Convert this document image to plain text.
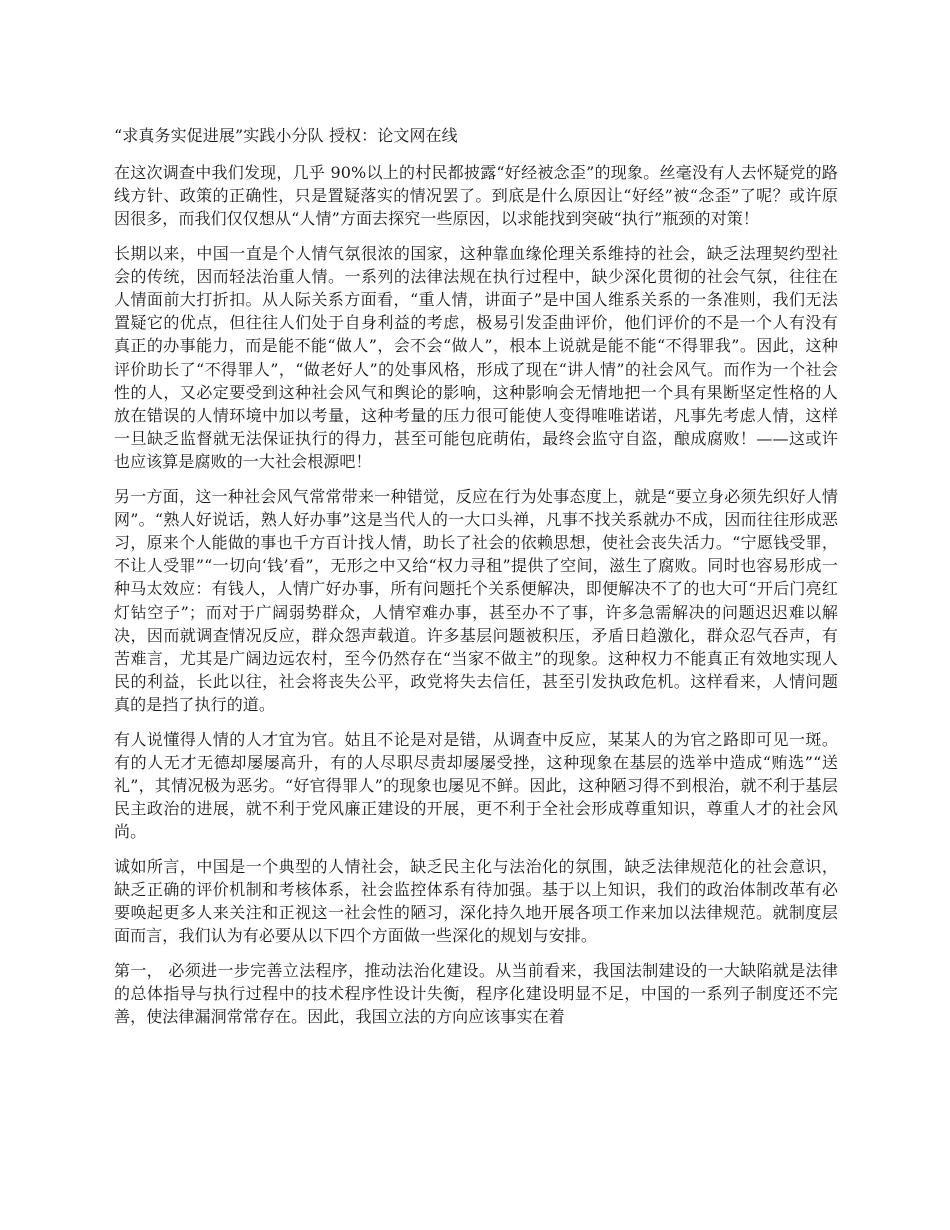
“求真务实促进展”实践小分队 授权：论文网在线

在这次调查中我们发现，几乎 90%以上的村民都披露“好经被念歪”的现象。丝毫没有人去怀疑党的路线方针、政策的正确性，只是置疑落实的情况罢了。到底是什么原因让“好经”被“念歪”了呢？或许原因很多，而我们仅仅想从“人情”方面去探究一些原因，以求能找到突破“执行”瓶颈的对策！

长期以来，中国一直是个人情气氛很浓的国家，这种靠血缘伦理关系维持的社会，缺乏法理契约型社会的传统，因而轻法治重人情。一系列的法律法规在执行过程中，缺少深化贯彻的社会气氛，往往在人情面前大打折扣。从人际关系方面看，“重人情，讲面子”是中国人维系关系的一条准则，我们无法置疑它的优点，但往往人们处于自身利益的考虑，极易引发歪曲评价，他们评价的不是一个人有没有真正的办事能力，而是能不能“做人”，会不会“做人”，根本上说就是能不能“不得罪我”。因此，这种评价助长了“不得罪人”，“做老好人”的处事风格，形成了现在“讲人情”的社会风气。而作为一个社会性的人，又必定要受到这种社会风气和舆论的影响，这种影响会无情地把一个具有果断坚定性格的人放在错误的人情环境中加以考量，这种考量的压力很可能使人变得唯唯诺诺，凡事先考虑人情，这样一旦缺乏监督就无法保证执行的得力，甚至可能包庇萌佑，最终会监守自盗，酿成腐败！——这或许也应该算是腐败的一大社会根源吧！

另一方面，这一种社会风气常常带来一种错觉，反应在行为处事态度上，就是“要立身必须先织好人情网”。“熟人好说话，熟人好办事”这是当代人的一大口头禅，凡事不找关系就办不成，因而往往形成恶习，原来个人能做的事也千方百计找人情，助长了社会的依赖思想，使社会丧失活力。“宁愿钱受罪，不让人受罪”“一切向‘钱’看”，无形之中又给“权力寻租”提供了空间，滋生了腐败。同时也容易形成一种马太效应：有钱人，人情广好办事，所有问题托个关系便解决，即便解决不了的也大可“开后门亮红灯钻空子”；而对于广阔弱势群众，人情窄难办事，甚至办不了事，许多急需解决的问题迟迟难以解决，因而就调查情况反应，群众怨声载道。许多基层问题被积压，矛盾日趋激化，群众忍气吞声，有苦难言，尤其是广阔边远农村，至今仍然存在“当家不做主”的现象。这种权力不能真正有效地实现人民的利益，长此以往，社会将丧失公平，政党将失去信任，甚至引发执政危机。这样看来，人情问题真的是挡了执行的道。

有人说懂得人情的人才宜为官。姑且不论是对是错，从调查中反应，某某人的为官之路即可见一斑。有的人无才无德却屡屡高升，有的人尽职尽责却屡屡受挫，这种现象在基层的选举中造成“贿选”“送礼”，其情况极为恶劣。“好官得罪人”的现象也屡见不鲜。因此，这种陋习得不到根治，就不利于基层民主政治的进展，就不利于党风廉正建设的开展，更不利于全社会形成尊重知识，尊重人才的社会风尚。

诚如所言，中国是一个典型的人情社会，缺乏民主化与法治化的氛围，缺乏法律规范化的社会意识，缺乏正确的评价机制和考核体系，社会监控体系有待加强。基于以上知识，我们的政治体制改革有必要唤起更多人来关注和正视这一社会性的陋习，深化持久地开展各项工作来加以法律规范。就制度层面而言，我们认为有必要从以下四个方面做一些深化的规划与安排。

第一， 必须进一步完善立法程序，推动法治化建设。从当前看来，我国法制建设的一大缺陷就是法律的总体指导与执行过程中的技术程序性设计失衡，程序化建设明显不足，中国的一系列子制度还不完善，使法律漏洞常常存在。因此，我国立法的方向应该事实在着
